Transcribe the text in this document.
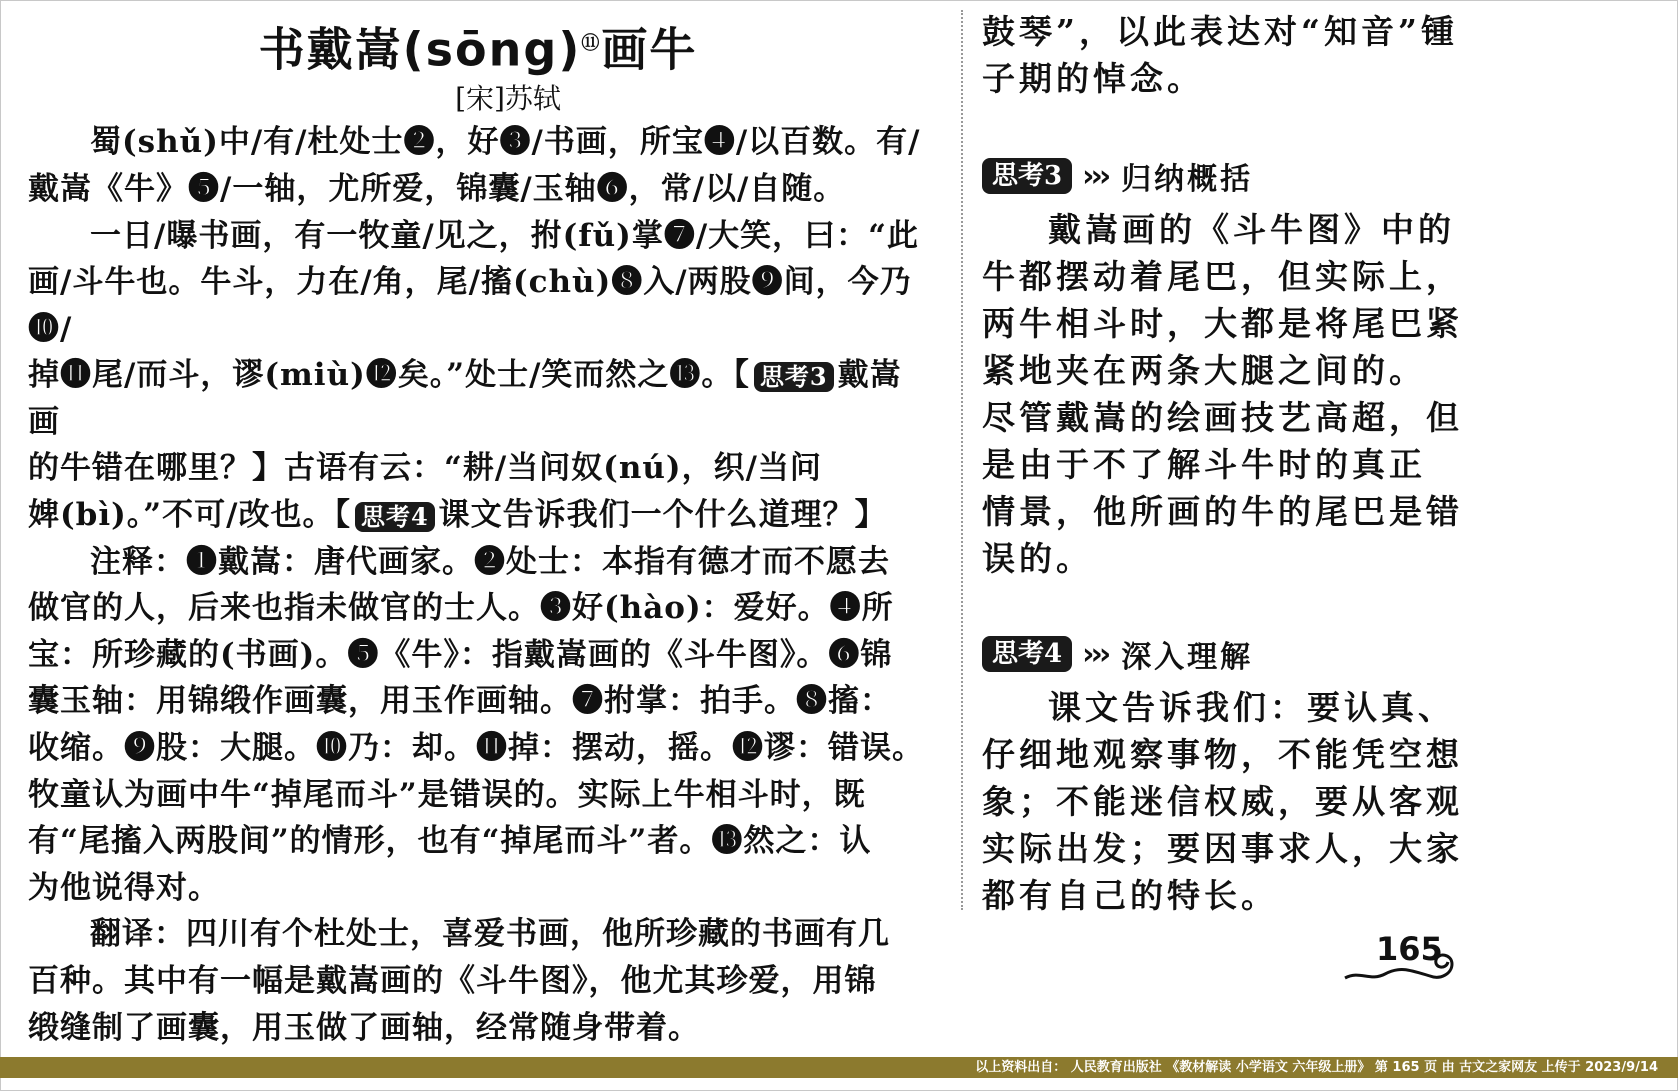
书戴嵩(sōng)⑪画牛
[宋]苏轼

蜀(shǔ)中/有/杜处士❷，好❸/书画，所宝❹/以百数。有/

戴嵩《牛》❺/一轴，尤所爱，锦囊/玉轴❻，常/以/自随。

一日/曝书画，有一牧童/见之，拊(fǔ)掌❼/大笑，曰：“此

画/斗牛也。牛斗，力在/角，尾/搐(chù)❽入/两股❾间，今乃❿/

掉⓫尾/而斗，谬(miù)⓬矣。”处士/笑而然之⓭。【 思考3 戴嵩画

的牛错在哪里？】古语有云：“耕/当问奴(nú)，织/当问

婢(bì)。”不可/改也。【 思考4 课文告诉我们一个什么道理？】

注释：❶戴嵩：唐代画家。❷处士：本指有德才而不愿去

做官的人，后来也指未做官的士人。❸好(hào)：爱好。❹所

宝：所珍藏的(书画)。❺《牛》：指戴嵩画的《斗牛图》。❻锦

囊玉轴：用锦缎作画囊，用玉作画轴。❼拊掌：拍手。❽搐：

收缩。❾股：大腿。❿乃：却。⓫掉：摆动，摇。⓬谬：错误。

牧童认为画中牛“掉尾而斗”是错误的。实际上牛相斗时，既

有“尾搐入两股间”的情形，也有“掉尾而斗”者。⓭然之：认

为他说得对。

翻译：四川有个杜处士，喜爱书画，他所珍藏的书画有几

百种。其中有一幅是戴嵩画的《斗牛图》，他尤其珍爱，用锦

缎缝制了画囊，用玉做了画轴，经常随身带着。

鼓琴”，以此表达对“知音”锺

子期的悼念。

思考3 ››› 归纳概括

戴嵩画的《斗牛图》中的

牛都摆动着尾巴，但实际上，

两牛相斗时，大都是将尾巴紧

紧地夹在两条大腿之间的。

尽管戴嵩的绘画技艺高超，但

是由于不了解斗牛时的真正

情景，他所画的牛的尾巴是错

误的。

思考4 ››› 深入理解

课文告诉我们：要认真、

仔细地观察事物，不能凭空想

象；不能迷信权威，要从客观

实际出发；要因事求人，大家

都有自己的特长。

165
以上资料出自： 人民教育出版社 《教材解读 小学语文 六年级上册》 第 165 页 由 古文之家网友 上传于 2023/9/14
